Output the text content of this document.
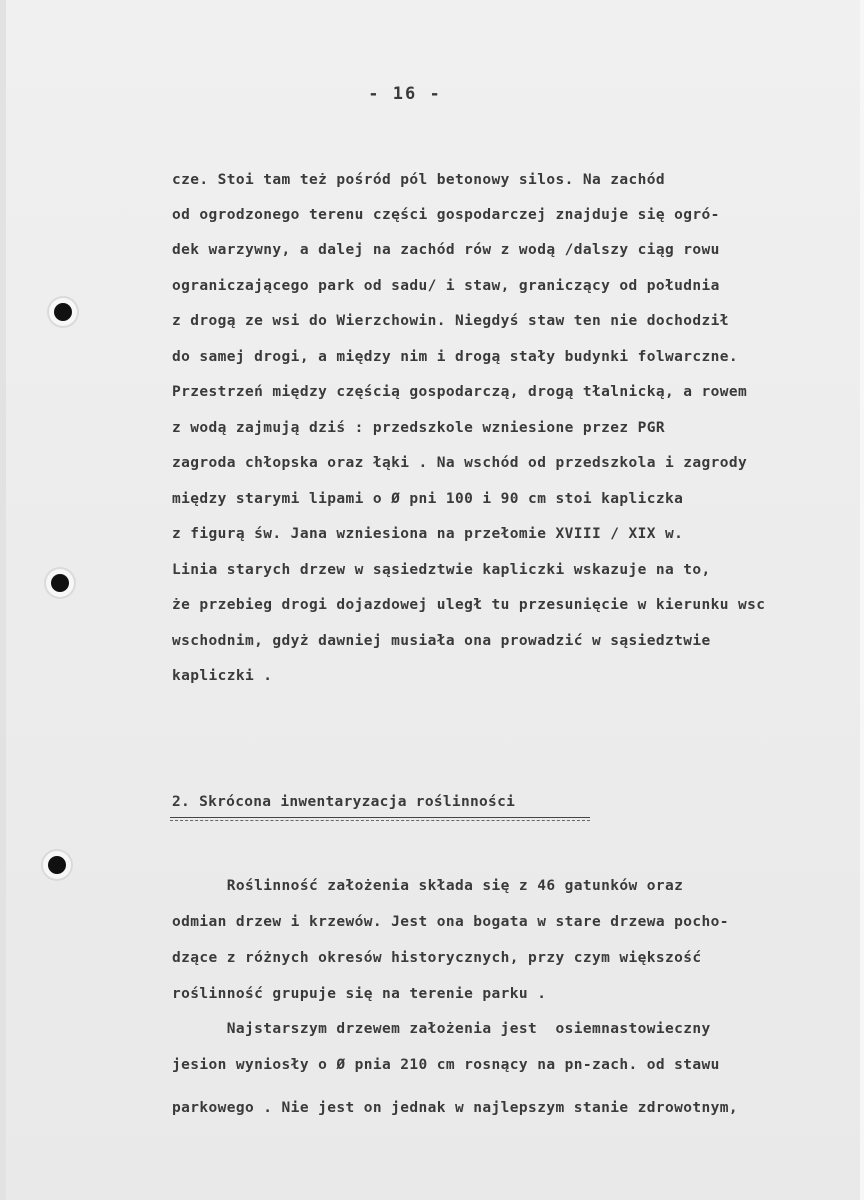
- 16 -
cze. Stoi tam też pośród pól betonowy silos. Na zachód
od ogrodzonego terenu części gospodarczej znajduje się ogró-
dek warzywny, a dalej na zachód rów z wodą /dalszy ciąg rowu
ograniczającego park od sadu/ i staw, graniczący od południa
z drogą ze wsi do Wierzchowin. Niegdyś staw ten nie dochodził
do samej drogi, a między nim i drogą stały budynki folwarczne.
Przestrzeń między częścią gospodarczą, drogą tłalnicką, a rowem
z wodą zajmują dziś : przedszkole wzniesione przez PGR
zagroda chłopska oraz łąki . Na wschód od przedszkola i zagrody
między starymi lipami o Ø pni 100 i 90 cm stoi kapliczka
z figurą św. Jana wzniesiona na przełomie XVIII / XIX w.
Linia starych drzew w sąsiedztwie kapliczki wskazuje na to,
że przebieg drogi dojazdowej uległ tu przesunięcie w kierunku wsc
wschodnim, gdyż dawniej musiała ona prowadzić w sąsiedztwie
kapliczki .
2. Skrócona inwentaryzacja roślinności
Roślinność założenia składa się z 46 gatunków oraz
odmian drzew i krzewów. Jest ona bogata w stare drzewa pocho-
dzące z różnych okresów historycznych, przy czym większość
roślinność grupuje się na terenie parku .
Najstarszym drzewem założenia jest  osiemnastowieczny
jesion wyniosły o Ø pnia 210 cm rosnący na pn-zach. od stawu
parkowego . Nie jest on jednak w najlepszym stanie zdrowotnym,
